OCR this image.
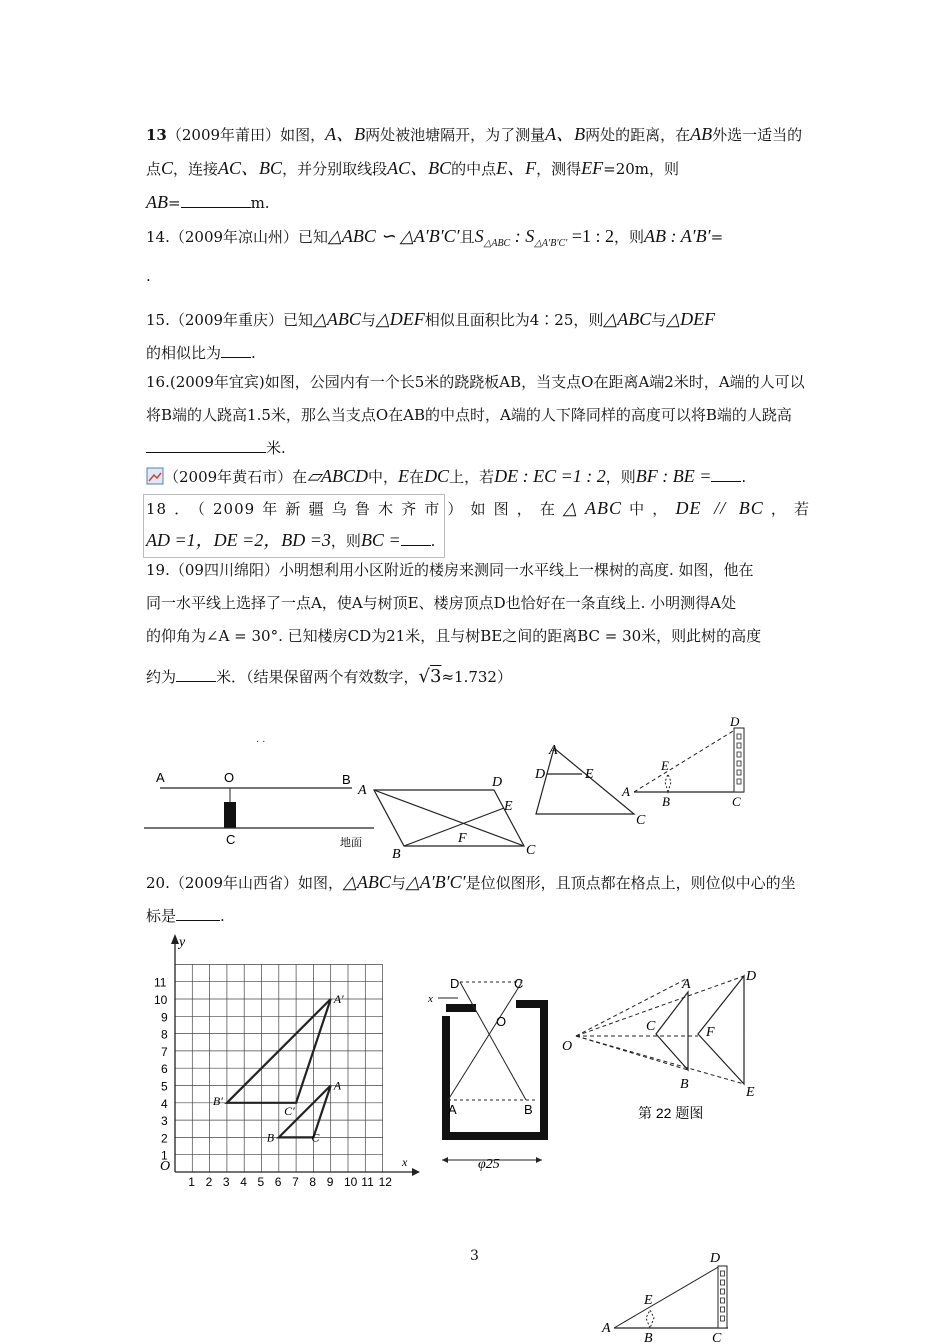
13（2009年莆田）如图，A、B两处被池塘隔开，为了测量A、B两处的距离，在AB外选一适当的点C，连接AC、BC，并分别取线段AC、BC的中点E、F，测得EF=20m，则
AB=	m.
14.（2009年凉山州）已知△ABC ∽ △A′B′C′且$S_{\triangle ABC}$ : $S_{\triangle A'B'C'} =1$ : 2，则AB : A′B′=
.
15.（2009年重庆）已知△ABC与△DEF相似且面积比为4∶25，则△ABC与△DEF
的相似比为 .
16.(2009年宜宾)如图，公园内有一个长5米的跷跷板AB，当支点O在距离A端2米时，A端的人可以将B端的人跷高1.5米，那么当支点O在AB的中点时，A端的人下降同样的高度可以将B端的人跷高米.
（2009年黄石市）在▱ABCD中，E在DC上，若DE : EC =1 : 2，则BF : BE = .
18．（2009年新疆乌鲁木齐市）如图，在△ABC中，DE // BC，若
AD =1，DE =2，BD =3，则BC = .
19.（09四川绵阳）小明想利用小区附近的楼房来测同一水平线上一棵树的高度. 如图，他在
同一水平线上选择了一点A，使A与树顶E、楼房顶点D也恰好在一条直线上. 小明测得A处
的仰角为∠A = 30°. 已知楼房CD为21米，且与树BE之间的距离BC = 30米，则此树的高度
约为	米．（结果保留两个有效数字，√3≈1.732）
· ·
A	O	B
C	地面
A
D
E
F
B	C
A
D	E
C
A
B	C
D
E
20.（2009年山西省）如图，△ABC与△A′B′C′是位似图形，且顶点都在格点上，则位似中心的坐标是	.
y
x
O
1 2 3 4 5 6 7 8 9 10 11 12
1
2
3
4
5
6
7
8
9
10
11
A
B	C
A′
B′
C′
D	C
O
A	B
x
φ25
O
A
C
B
D
F
E
第 22 题图
3
A
B	C
D
E
